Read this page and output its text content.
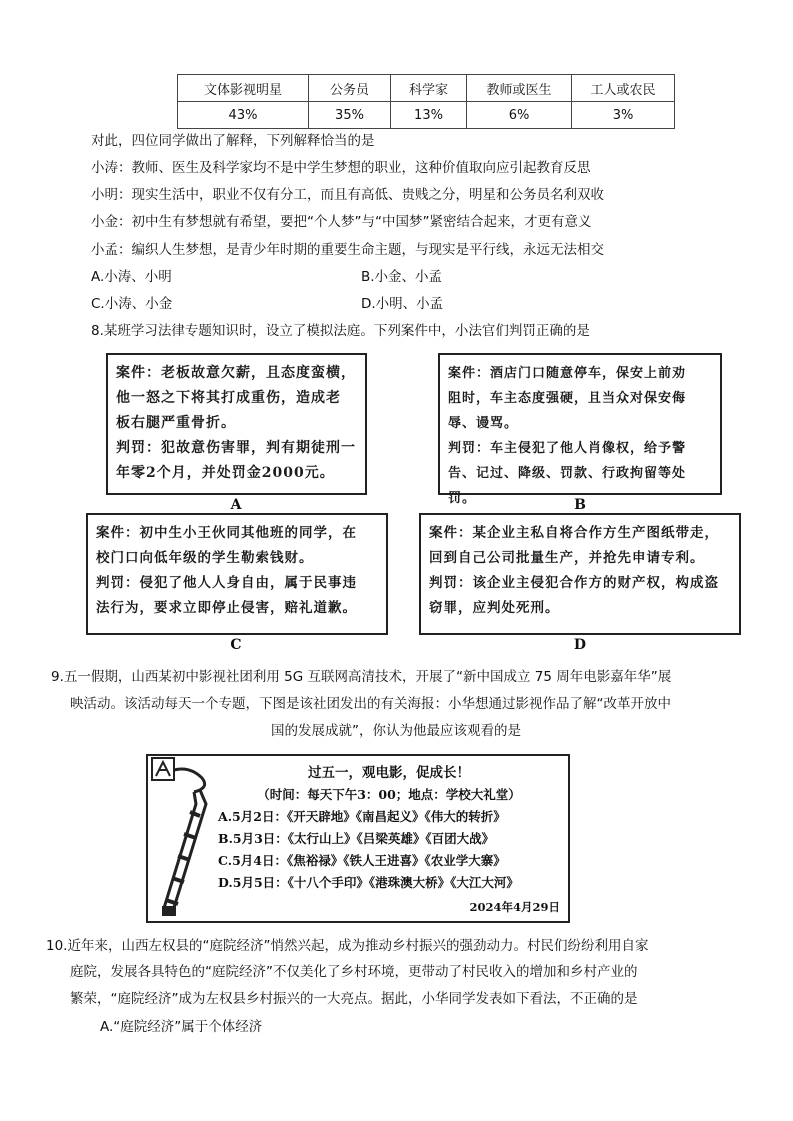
文体影视明星	公务员	科学家	教师或医生	工人或农民
43%	35%	13%	6%	3%
对此，四位同学做出了解释，下列解释恰当的是
小涛：教师、医生及科学家均不是中学生梦想的职业，这种价值取向应引起教育反思
小明：现实生活中，职业不仅有分工，而且有高低、贵贱之分，明星和公务员名利双收
小金：初中生有梦想就有希望，要把“个人梦”与“中国梦”紧密结合起来，才更有意义
小孟：编织人生梦想，是青少年时期的重要生命主题，与现实是平行线，永远无法相交
A.小涛、小明	B.小金、小孟
C.小涛、小金	D.小明、小孟
8.某班学习法律专题知识时，设立了模拟法庭。下列案件中，小法官们判罚正确的是
案件：老板故意欠薪，且态度蛮横，
他一怒之下将其打成重伤，造成老
板右腿严重骨折。
判罚：犯故意伤害罪，判有期徒刑一
年零2个月，并处罚金2000元。
A
案件：酒店门口随意停车，保安上前劝
阻时，车主态度强硬，且当众对保安侮
辱、谩骂。
判罚：车主侵犯了他人肖像权，给予警
告、记过、降级、罚款、行政拘留等处罚。	B
案件：初中生小王伙同其他班的同学，在
校门口向低年级的学生勒索钱财。
判罚：侵犯了他人人身自由，属于民事违
法行为，要求立即停止侵害，赔礼道歉。
C
案件：某企业主私自将合作方生产图纸带走，
回到自己公司批量生产，并抢先申请专利。
判罚：该企业主侵犯合作方的财产权，构成盗
窃罪，应判处死刑。
D
9.五一假期，山西某初中影视社团利用 5G 互联网高清技术，开展了“新中国成立 75 周年电影嘉年华”展
映活动。该活动每天一个专题，下图是该社团发出的有关海报：小华想通过影视作品了解“改革开放中
国的发展成就”，你认为他最应该观看的是
过五一，观电影，促成长！
（时间：每天下午3：00；地点：学校大礼堂）
A.5月2日：《开天辟地》《南昌起义》《伟大的转折》
B.5月3日：《太行山上》《吕梁英雄》《百团大战》
C.5月4日：《焦裕禄》《铁人王进喜》《农业学大寨》
D.5月5日：《十八个手印》《港珠澳大桥》《大江大河》
2024年4月29日
10.近年来，山西左权县的“庭院经济”悄然兴起，成为推动乡村振兴的强劲动力。村民们纷纷利用自家
庭院，发展各具特色的“庭院经济”不仅美化了乡村环境，更带动了村民收入的增加和乡村产业的
繁荣，“庭院经济”成为左权县乡村振兴的一大亮点。据此，小华同学发表如下看法，不正确的是
A.“庭院经济”属于个体经济
